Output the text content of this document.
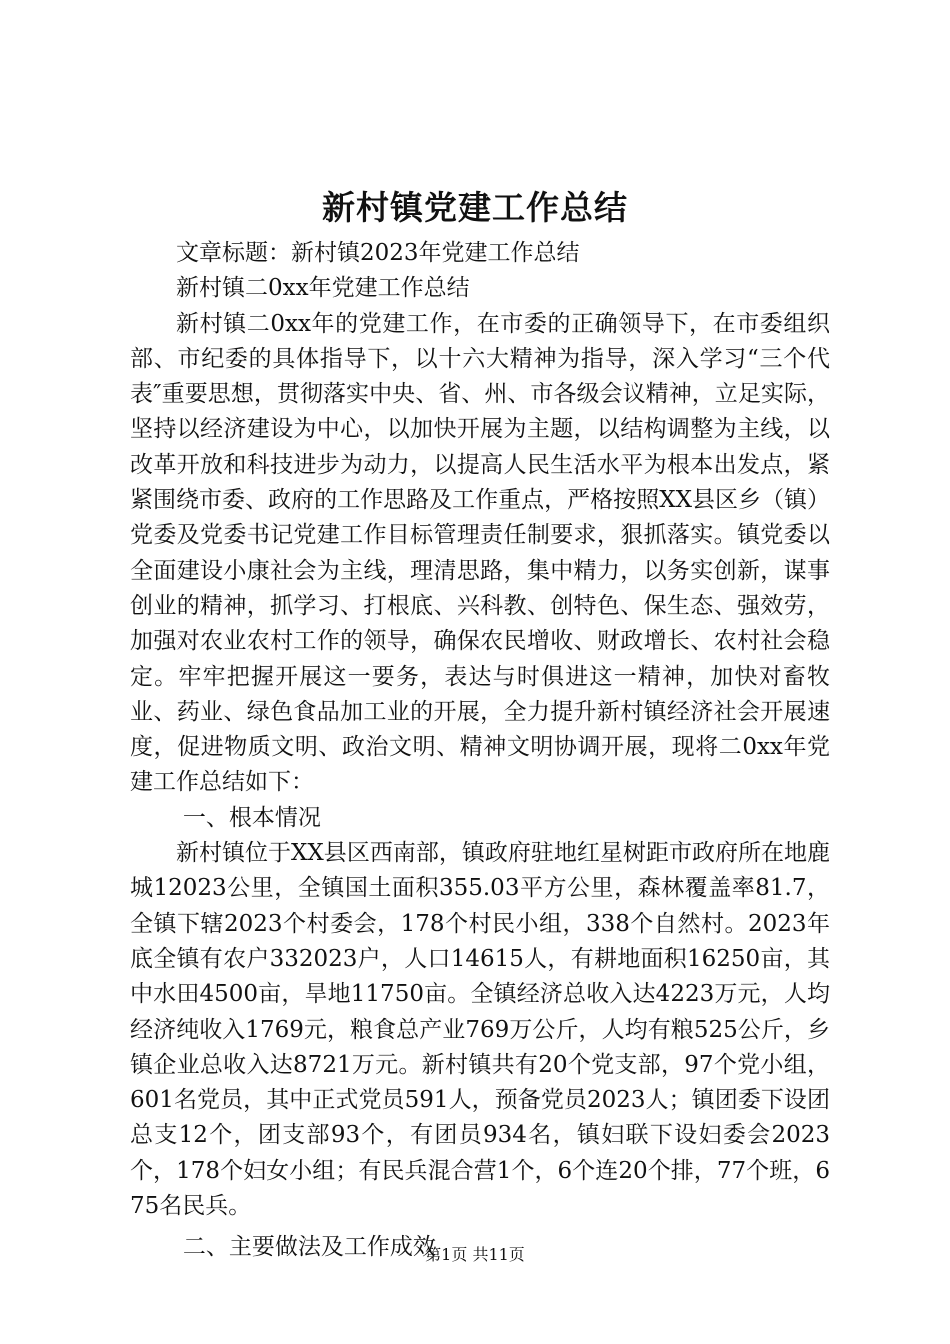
新村镇党建工作总结

文章标题：新村镇2023年党建工作总结

新村镇二0xx年党建工作总结

新村镇二0xx年的党建工作，在市委的正确领导下，在市委组织部、市纪委的具体指导下，以十六大精神为指导，深入学习“三个代表″重要思想，贯彻落实中央、省、州、市各级会议精神，立足实际，坚持以经济建设为中心，以加快开展为主题，以结构调整为主线，以改革开放和科技进步为动力，以提高人民生活水平为根本出发点，紧紧围绕市委、政府的工作思路及工作重点，严格按照XX县区乡（镇）党委及党委书记党建工作目标管理责任制要求，狠抓落实。镇党委以全面建设小康社会为主线，理清思路，集中精力，以务实创新，谋事创业的精神，抓学习、打根底、兴科教、创特色、保生态、强效劳，加强对农业农村工作的领导，确保农民增收、财政增长、农村社会稳定。牢牢把握开展这一要务，表达与时俱进这一精神，加快对畜牧业、药业、绿色食品加工业的开展，全力提升新村镇经济社会开展速度，促进物质文明、政治文明、精神文明协调开展，现将二0xx年党建工作总结如下：

一、根本情况

新村镇位于XX县区西南部，镇政府驻地红星树距市政府所在地鹿城12023公里，全镇国土面积355.03平方公里，森林覆盖率81.7，全镇下辖2023个村委会，178个村民小组，338个自然村。2023年底全镇有农户332023户，人口14615人，有耕地面积16250亩，其中水田4500亩，旱地11750亩。全镇经济总收入达4223万元，人均经济纯收入1769元，粮食总产业769万公斤，人均有粮525公斤，乡镇企业总收入达8721万元。新村镇共有20个党支部，97个党小组，601名党员，其中正式党员591人，预备党员2023人；镇团委下设团总支12个，团支部93个，有团员934名，镇妇联下设妇委会2023个，178个妇女小组；有民兵混合营1个，6个连20个排，77个班，675名民兵。

二、主要做法及工作成效

第1页 共11页
